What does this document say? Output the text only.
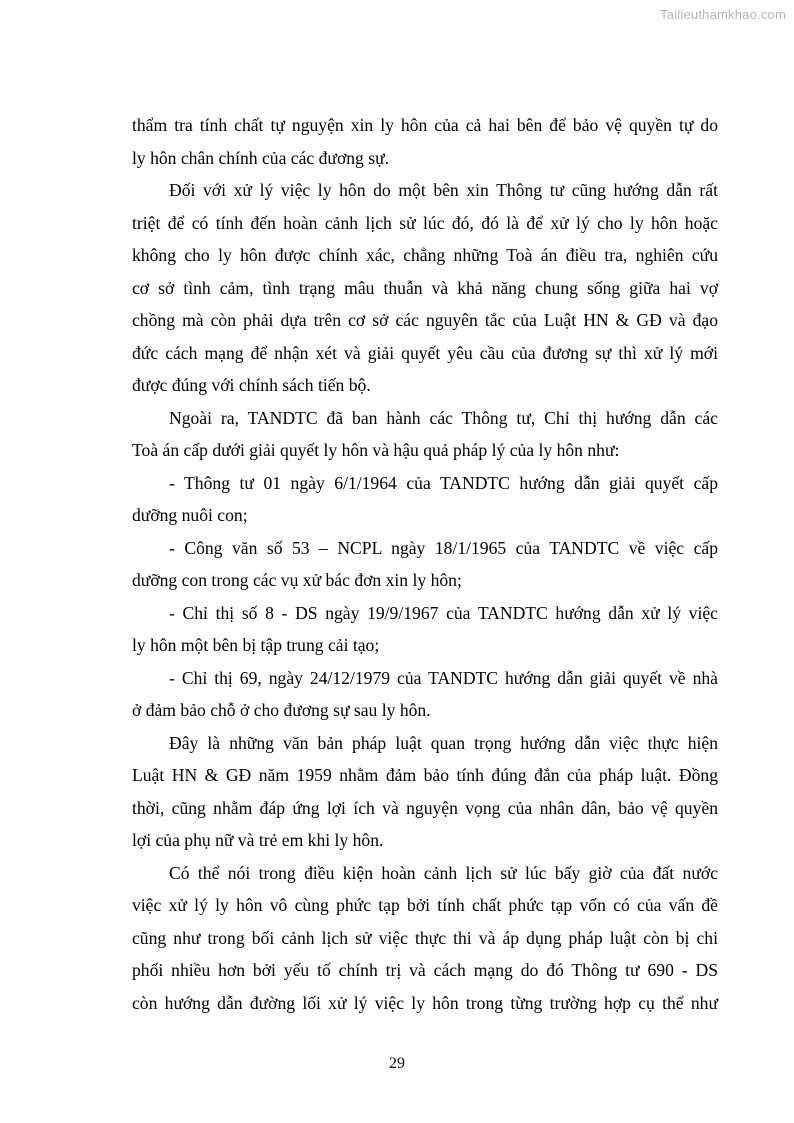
Tailieuthamkhao.com

thẩm tra tính chất tự nguyện xin ly hôn của cả hai bên để bảo vệ quyền tự do
ly hôn chân chính của các đương sự.

Đối với xử lý việc ly hôn do một bên xin Thông tư cũng hướng dẫn rất
triệt để có tính đến hoàn cảnh lịch sử lúc đó, đó là để xử lý cho ly hôn hoặc
không cho ly hôn được chính xác, chẳng những Toà án điều tra, nghiên cứu
cơ sở tình cảm, tình trạng mâu thuẫn và khả năng chung sống giữa hai vợ
chồng mà còn phải dựa trên cơ sở các nguyên tắc của Luật HN & GĐ và đạo
đức cách mạng để nhận xét và giải quyết yêu cầu của đương sự thì xử lý mới
được đúng với chính sách tiến bộ.

Ngoài ra, TANDTC đã ban hành các Thông tư, Chỉ thị hướng dẫn các
Toà án cấp dưới giải quyết ly hôn và hậu quả pháp lý của ly hôn như:

- Thông tư 01 ngày 6/1/1964 của TANDTC hướng dẫn giải quyết cấp
dưỡng nuôi con;

- Công văn số 53 – NCPL ngày 18/1/1965 của TANDTC về việc cấp
dưỡng con trong các vụ xử bác đơn xin ly hôn;

- Chỉ thị số 8 - DS ngày 19/9/1967 của TANDTC hướng dẫn xử lý việc
ly hôn một bên bị tập trung cải tạo;

- Chỉ thị 69, ngày 24/12/1979 của TANDTC hướng dẫn giải quyết về nhà
ở đảm bảo chỗ ở cho đương sự sau ly hôn.

Đây là những văn bản pháp luật quan trọng hướng dẫn việc thực hiện
Luật HN & GĐ năm 1959 nhằm đảm bảo tính đúng đắn của pháp luật. Đồng
thời, cũng nhằm đáp ứng lợi ích và nguyện vọng của nhân dân, bảo vệ quyền
lợi của phụ nữ và trẻ em khi ly hôn.

Có thể nói trong điều kiện hoàn cảnh lịch sử lúc bấy giờ của đất nước
việc xử lý ly hôn vô cùng phức tạp bởi tính chất phức tạp vốn có của vấn đề
cũng như trong bối cảnh lịch sử việc thực thi và áp dụng pháp luật còn bị chi
phối nhiều hơn bởi yếu tố chính trị và cách mạng do đó Thông tư 690 - DS
còn hướng dẫn đường lối xử lý việc ly hôn trong từng trường hợp cụ thể như

29
